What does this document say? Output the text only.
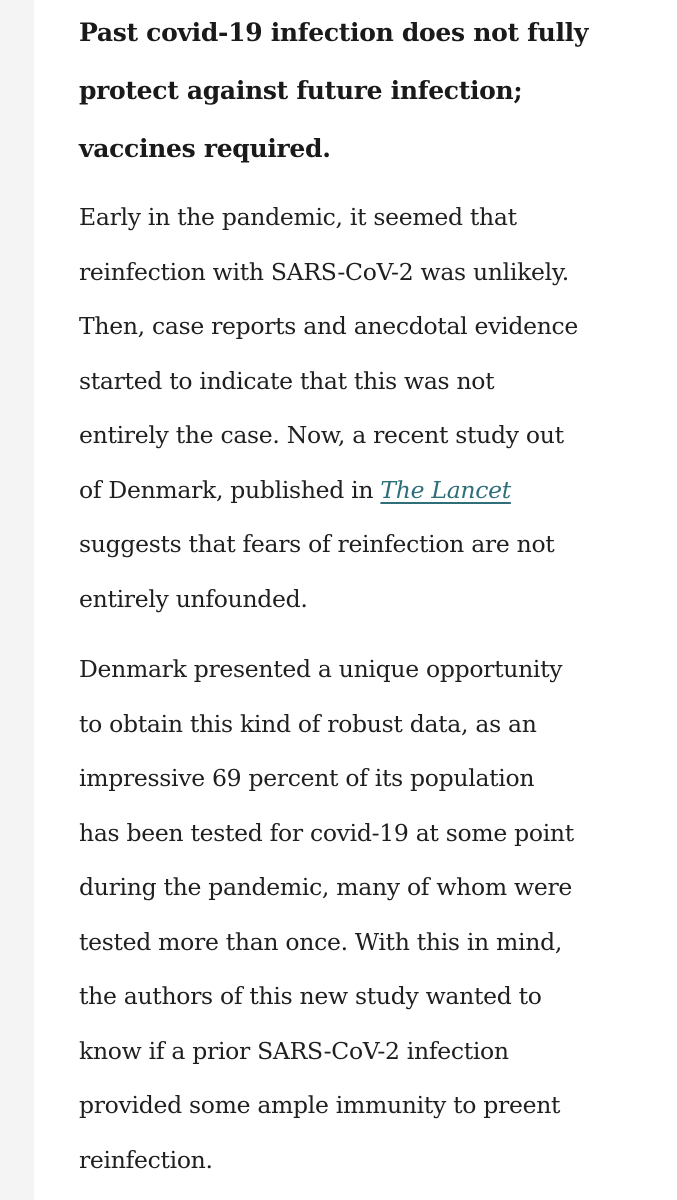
Past covid-19 infection does not fully
protect against future infection;
vaccines required.

Early in the pandemic, it seemed that
reinfection with SARS-CoV-2 was unlikely.
Then, case reports and anecdotal evidence
started to indicate that this was not
entirely the case. Now, a recent study out
of Denmark, published in The Lancet
suggests that fears of reinfection are not
entirely unfounded.

Denmark presented a unique opportunity
to obtain this kind of robust data, as an
impressive 69 percent of its population
has been tested for covid-19 at some point
during the pandemic, many of whom were
tested more than once. With this in mind,
the authors of this new study wanted to
know if a prior SARS-CoV-2 infection
provided some ample immunity to preent
reinfection.
